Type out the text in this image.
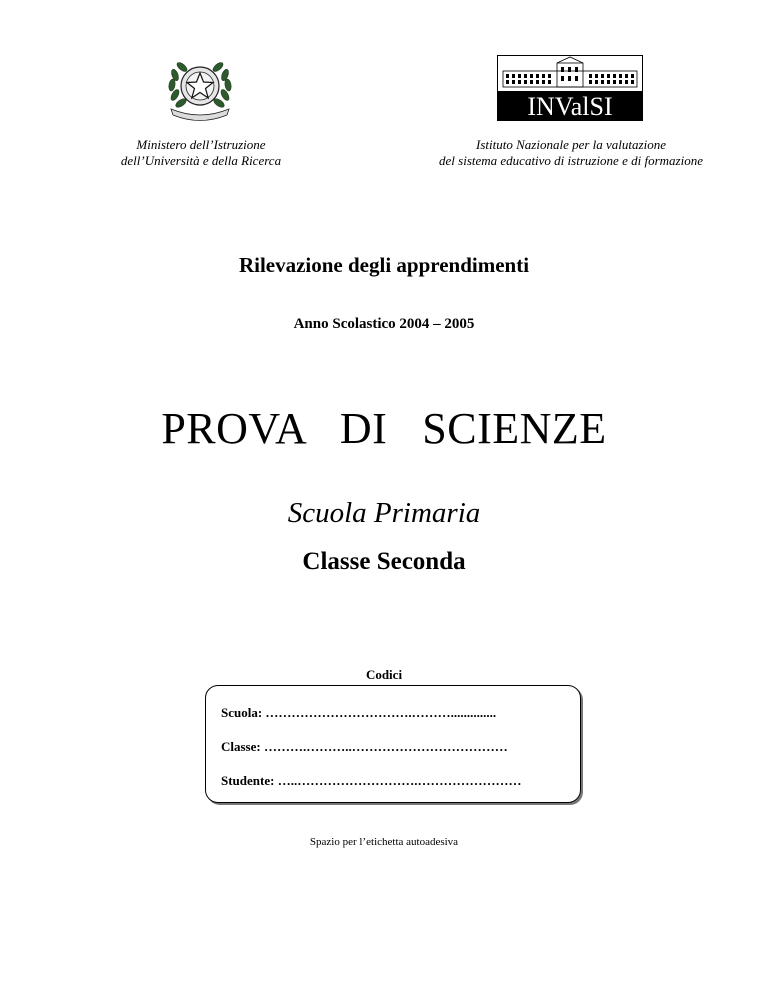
Ministero dell’Istruzione
dell’Università e della Ricerca
INValSI
Istituto Nazionale per la valutazione
del sistema educativo di istruzione e di formazione
Rilevazione degli apprendimenti
Anno Scolastico 2004 – 2005
PROVA  DI  SCIENZE
Scuola Primaria
Classe Seconda
Codici
Scuola: …………………………….………..............
Classe: ……….………..………………………………
Studente: …..……………………….……………………
Spazio per l’etichetta autoadesiva
